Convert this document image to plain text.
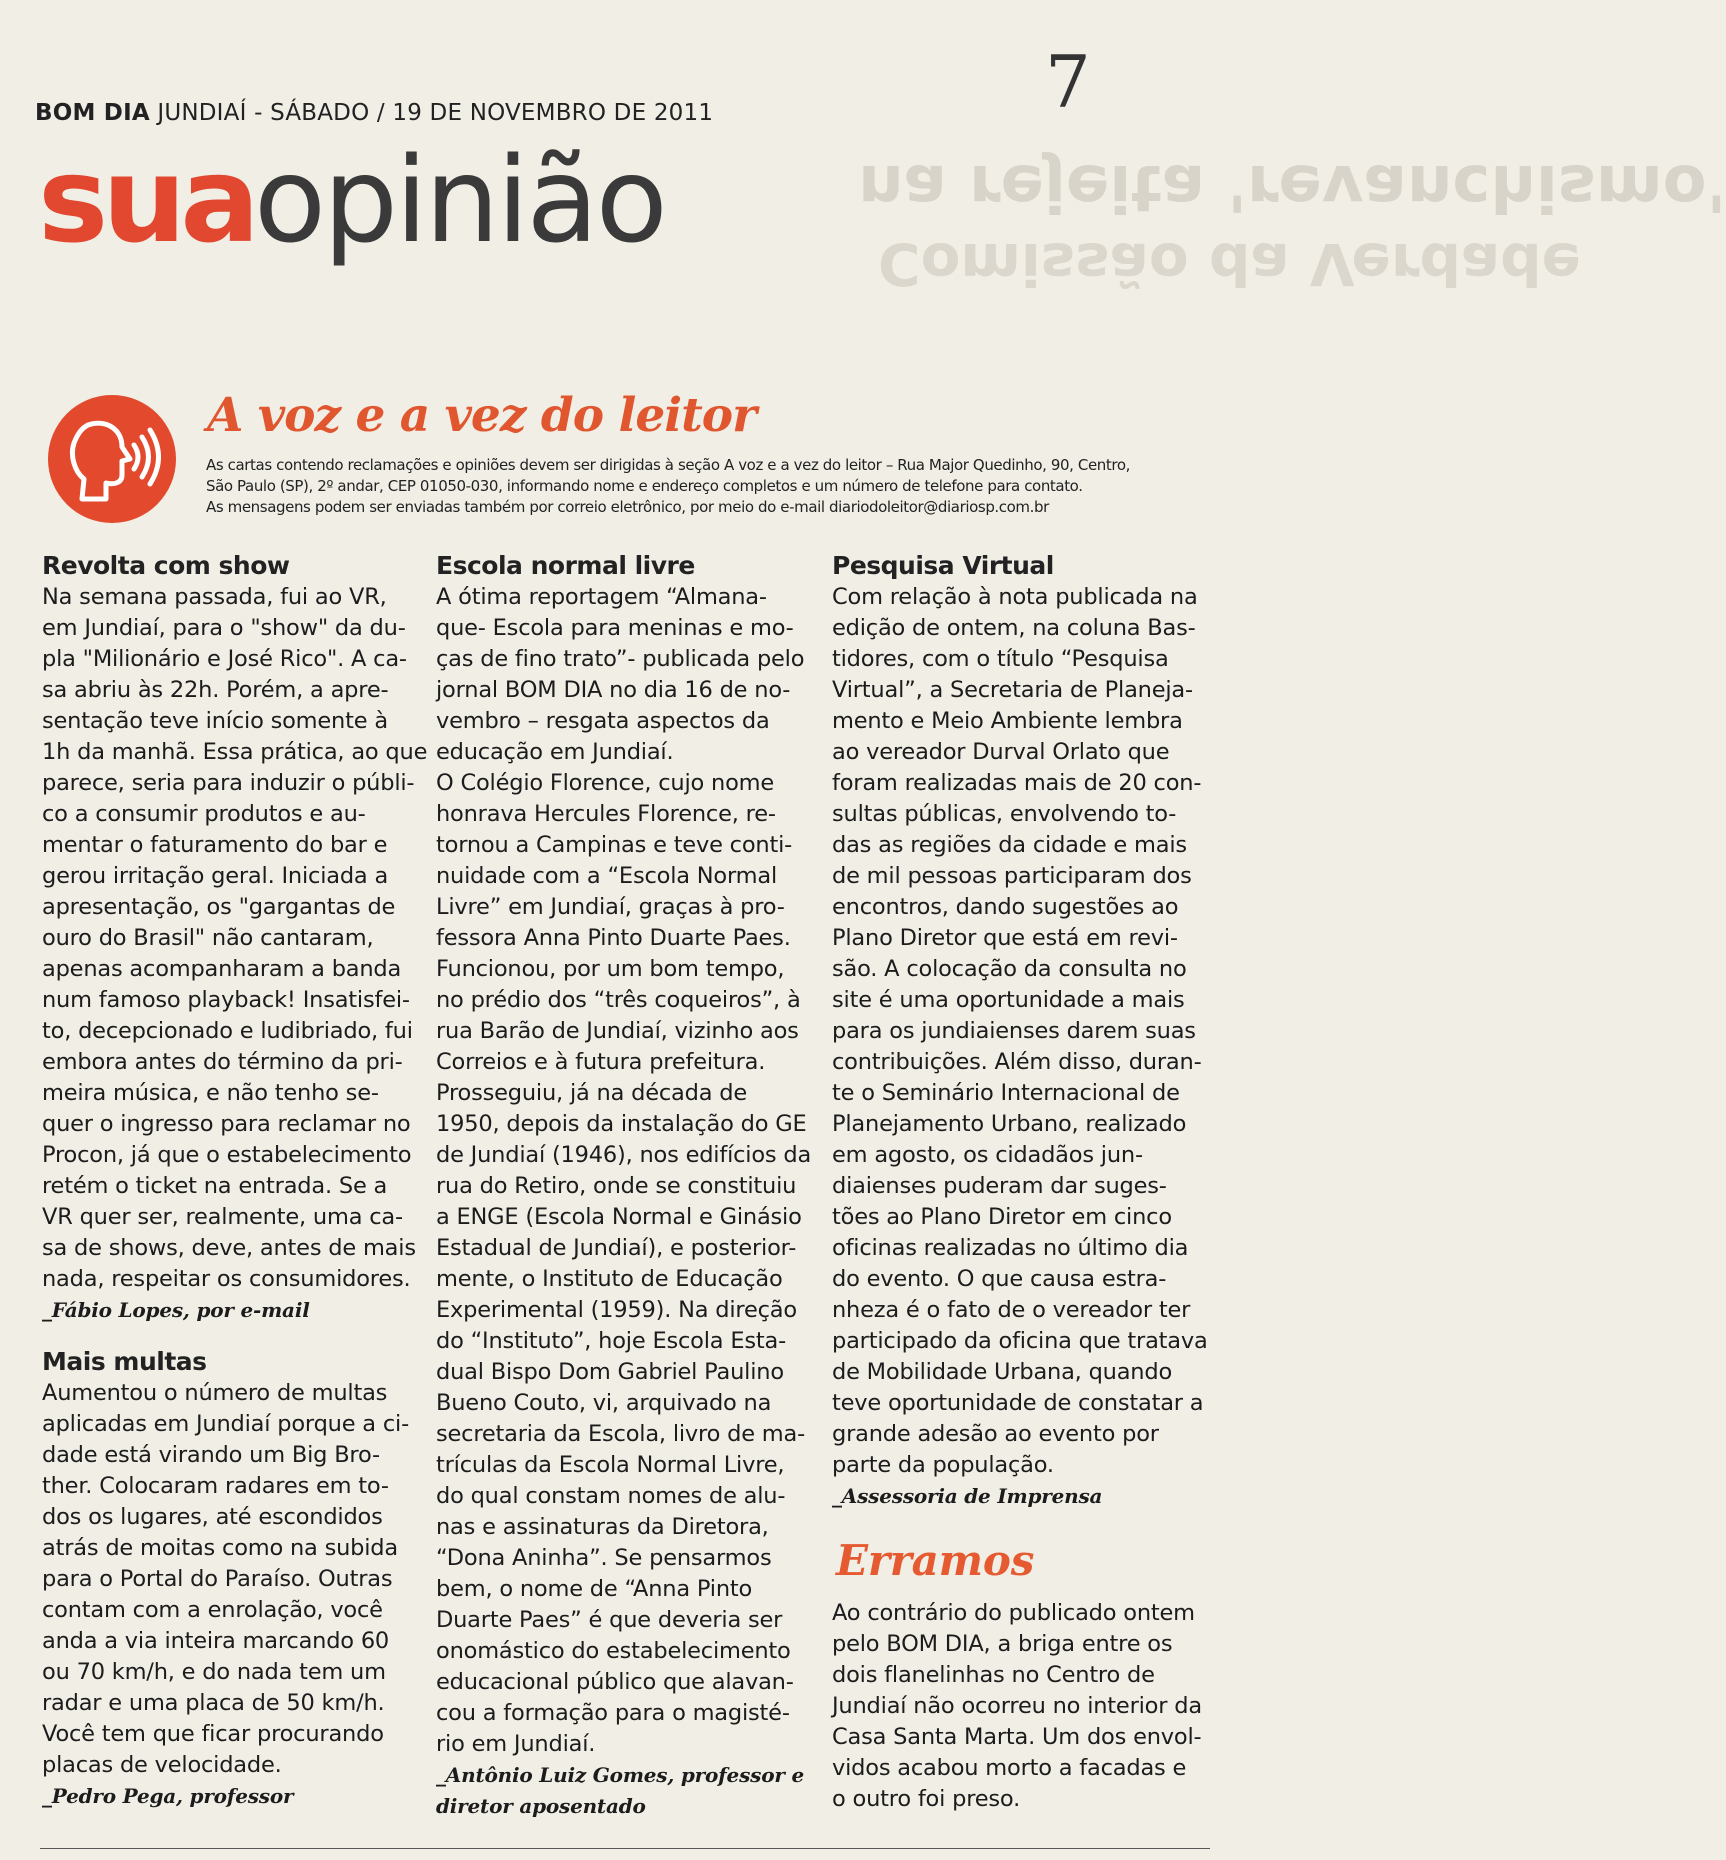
na rejeita 'revanchismo'
Comissão da Verdade
BOM DIA JUNDIAÍ - SÁBADO / 19 DE NOVEMBRO DE 2011	7
suaopinião
A voz e a vez do leitor
As cartas contendo reclamações e opiniões devem ser dirigidas à seção A voz e a vez do leitor – Rua Major Quedinho, 90, Centro,
São Paulo (SP), 2º andar, CEP 01050-030, informando nome e endereço completos e um número de telefone para contato.
As mensagens podem ser enviadas também por correio eletrônico, por meio do e-mail diariodoleitor@diariosp.com.br
Revolta com show

Na semana passada, fui ao VR,
em Jundiaí, para o "show" da du-
pla "Milionário e José Rico". A ca-
sa abriu às 22h. Porém, a apre-
sentação teve início somente à
1h da manhã. Essa prática, ao que
parece, seria para induzir o públi-
co a consumir produtos e au-
mentar o faturamento do bar e
gerou irritação geral. Iniciada a
apresentação, os "gargantas de
ouro do Brasil" não cantaram,
apenas acompanharam a banda
num famoso playback! Insatisfei-
to, decepcionado e ludibriado, fui
embora antes do término da pri-
meira música, e não tenho se-
quer o ingresso para reclamar no
Procon, já que o estabelecimento
retém o ticket na entrada. Se a
VR quer ser, realmente, uma ca-
sa de shows, deve, antes de mais
nada, respeitar os consumidores.

_Fábio Lopes, por e-mail
Mais multas

Aumentou o número de multas
aplicadas em Jundiaí porque a ci-
dade está virando um Big Bro-
ther. Colocaram radares em to-
dos os lugares, até escondidos
atrás de moitas como na subida
para o Portal do Paraíso. Outras
contam com a enrolação, você
anda a via inteira marcando 60
ou 70 km/h, e do nada tem um
radar e uma placa de 50 km/h.
Você tem que ficar procurando
placas de velocidade.

_Pedro Pega, professor
Escola normal livre

A ótima reportagem “Almana-
que- Escola para meninas e mo-
ças de fino trato”- publicada pelo
jornal BOM DIA no dia 16 de no-
vembro – resgata aspectos da
educação em Jundiaí.
O Colégio Florence, cujo nome
honrava Hercules Florence, re-
tornou a Campinas e teve conti-
nuidade com a “Escola Normal
Livre” em Jundiaí, graças à pro-
fessora Anna Pinto Duarte Paes.
Funcionou, por um bom tempo,
no prédio dos “três coqueiros”, à
rua Barão de Jundiaí, vizinho aos
Correios e à futura prefeitura.
Prosseguiu, já na década de
1950, depois da instalação do GE
de Jundiaí (1946), nos edifícios da
rua do Retiro, onde se constituiu
a ENGE (Escola Normal e Ginásio
Estadual de Jundiaí), e posterior-
mente, o Instituto de Educação
Experimental (1959). Na direção
do “Instituto”, hoje Escola Esta-
dual Bispo Dom Gabriel Paulino
Bueno Couto, vi, arquivado na
secretaria da Escola, livro de ma-
trículas da Escola Normal Livre,
do qual constam nomes de alu-
nas e assinaturas da Diretora,
“Dona Aninha”. Se pensarmos
bem, o nome de “Anna Pinto
Duarte Paes” é que deveria ser
onomástico do estabelecimento
educacional público que alavan-
cou a formação para o magisté-
rio em Jundiaí.

_Antônio Luiz Gomes, professor e
diretor aposentado
Pesquisa Virtual

Com relação à nota publicada na
edição de ontem, na coluna Bas-
tidores, com o título “Pesquisa
Virtual”, a Secretaria de Planeja-
mento e Meio Ambiente lembra
ao vereador Durval Orlato que
foram realizadas mais de 20 con-
sultas públicas, envolvendo to-
das as regiões da cidade e mais
de mil pessoas participaram dos
encontros, dando sugestões ao
Plano Diretor que está em revi-
são. A colocação da consulta no
site é uma oportunidade a mais
para os jundiaienses darem suas
contribuições. Além disso, duran-
te o Seminário Internacional de
Planejamento Urbano, realizado
em agosto, os cidadãos jun-
diaienses puderam dar suges-
tões ao Plano Diretor em cinco
oficinas realizadas no último dia
do evento. O que causa estra-
nheza é o fato de o vereador ter
participado da oficina que tratava
de Mobilidade Urbana, quando
teve oportunidade de constatar a
grande adesão ao evento por
parte da população.

_Assessoria de Imprensa
Erramos

Ao contrário do publicado ontem
pelo BOM DIA, a briga entre os
dois flanelinhas no Centro de
Jundiaí não ocorreu no interior da
Casa Santa Marta. Um dos envol-
vidos acabou morto a facadas e
o outro foi preso.
